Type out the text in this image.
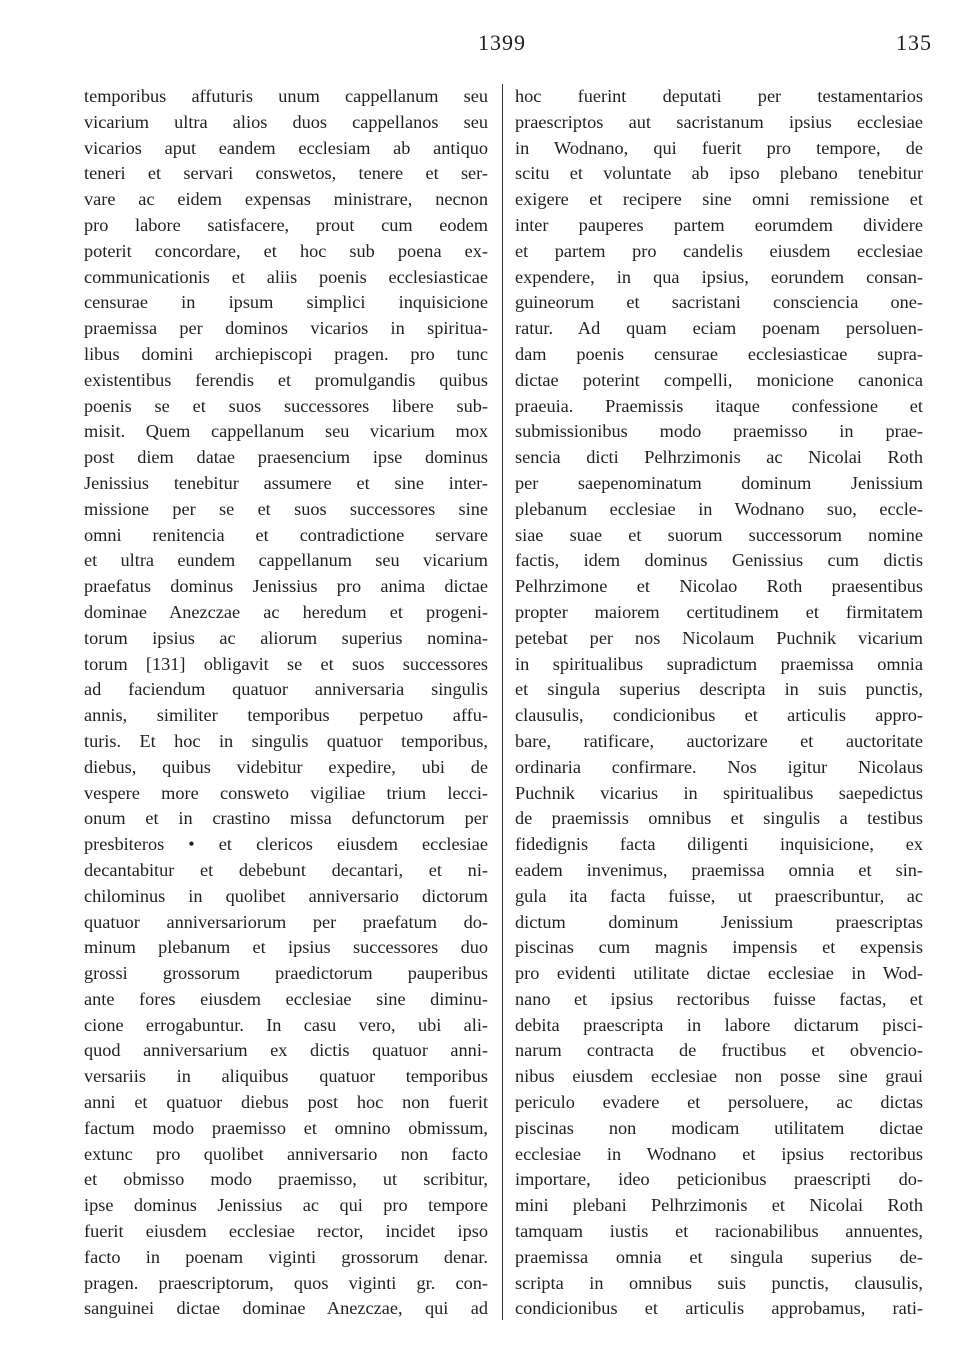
1399	135
temporibus affuturis unum cappellanum seu
vicarium ultra alios duos cappellanos seu
vicarios aput eandem ecclesiam ab antiquo
teneri et servari conswetos, tenere et ser-
vare ac eidem expensas ministrare, necnon
pro labore satisfacere, prout cum eodem
poterit concordare, et hoc sub poena ex-
communicationis et aliis poenis ecclesiasticae
censurae in ipsum simplici inquisicione
praemissa per dominos vicarios in spiritua-
libus domini archiepiscopi pragen. pro tunc
existentibus ferendis et promulgandis quibus
poenis se et suos successores libere sub-
misit. Quem cappellanum seu vicarium mox
post diem datae praesencium ipse dominus
Jenissius tenebitur assumere et sine inter-
missione per se et suos successores sine
omni renitencia et contradictione servare
et ultra eundem cappellanum seu vicarium
praefatus dominus Jenissius pro anima dictae
dominae Anezczae ac heredum et progeni-
torum ipsius ac aliorum superius nomina-
torum [131] obligavit se et suos successores
ad faciendum quatuor anniversaria singulis
annis, similiter temporibus perpetuo affu-
turis. Et hoc in singulis quatuor temporibus,
diebus, quibus videbitur expedire, ubi de
vespere more consweto vigiliae trium lecci-
onum et in crastino missa defunctorum per
presbiteros • et clericos eiusdem ecclesiae
decantabitur et debebunt decantari, et ni-
chilominus in quolibet anniversario dictorum
quatuor anniversariorum per praefatum do-
minum plebanum et ipsius successores duo
grossi grossorum praedictorum pauperibus
ante fores eiusdem ecclesiae sine diminu-
cione errogabuntur. In casu vero, ubi ali-
quod anniversarium ex dictis quatuor anni-
versariis in aliquibus quatuor temporibus
anni et quatuor diebus post hoc non fuerit
factum modo praemisso et omnino obmissum,
extunc pro quolibet anniversario non facto
et obmisso modo praemisso, ut scribitur,
ipse dominus Jenissius ac qui pro tempore
fuerit eiusdem ecclesiae rector, incidet ipso
facto in poenam viginti grossorum denar.
pragen. praescriptorum, quos viginti gr. con-
sanguinei dictae dominae Anezczae, qui ad
hoc fuerint deputati per testamentarios
praescriptos aut sacristanum ipsius ecclesiae
in Wodnano, qui fuerit pro tempore, de
scitu et voluntate ab ipso plebano tenebitur
exigere et recipere sine omni remissione et
inter pauperes partem eorumdem dividere
et partem pro candelis eiusdem ecclesiae
expendere, in qua ipsius, eorundem consan-
guineorum et sacristani consciencia one-
ratur. Ad quam eciam poenam persoluen-
dam poenis censurae ecclesiasticae supra-
dictae poterint compelli, monicione canonica
praeuia. Praemissis itaque confessione et
submissionibus modo praemisso in prae-
sencia dicti Pelhrzimonis ac Nicolai Roth
per saepenominatum dominum Jenissium
plebanum ecclesiae in Wodnano suo, eccle-
siae suae et suorum successorum nomine
factis, idem dominus Genissius cum dictis
Pelhrzimone et Nicolao Roth praesentibus
propter maiorem certitudinem et firmitatem
petebat per nos Nicolaum Puchnik vicarium
in spiritualibus supradictum praemissa omnia
et singula superius descripta in suis punctis,
clausulis, condicionibus et articulis appro-
bare, ratificare, auctorizare et auctoritate
ordinaria confirmare. Nos igitur Nicolaus
Puchnik vicarius in spiritualibus saepedictus
de praemissis omnibus et singulis a testibus
fidedignis facta diligenti inquisicione, ex
eadem invenimus, praemissa omnia et sin-
gula ita facta fuisse, ut praescribuntur, ac
dictum dominum Jenissium praescriptas
piscinas cum magnis impensis et expensis
pro evidenti utilitate dictae ecclesiae in Wod-
nano et ipsius rectoribus fuisse factas, et
debita praescripta in labore dictarum pisci-
narum contracta de fructibus et obvencio-
nibus eiusdem ecclesiae non posse sine graui
periculo evadere et persoluere, ac dictas
piscinas non modicam utilitatem dictae
ecclesiae in Wodnano et ipsius rectoribus
importare, ideo peticionibus praescripti do-
mini plebani Pelhrzimonis et Nicolai Roth
tamquam iustis et racionabilibus annuentes,
praemissa omnia et singula superius de-
scripta in omnibus suis punctis, clausulis,
condicionibus et articulis approbamus, rati-
